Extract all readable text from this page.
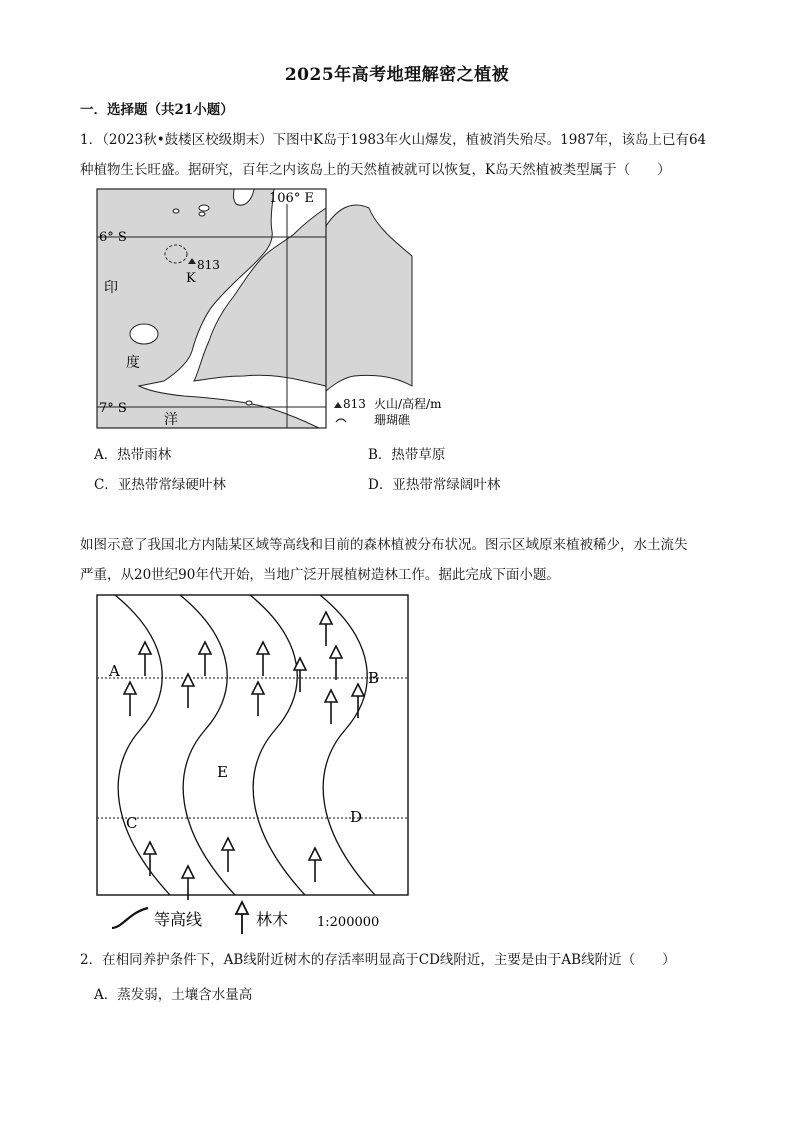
2025年高考地理解密之植被
一．选择题（共21小题）
1．（2023秋•鼓楼区校级期末）下图中K岛于1983年火山爆发，植被消失殆尽。1987年，该岛上已有64
种植物生长旺盛。据研究，百年之内该岛上的天然植被就可以恢复，K岛天然植被类型属于（　　）
106° E
6° S
7° S
813
K
印
度
洋
813 火山/高程/m
珊瑚礁
A．热带雨林	B．热带草原
C．亚热带常绿硬叶林	D．亚热带常绿阔叶林
如图示意了我国北方内陆某区域等高线和目前的森林植被分布状况。图示区域原来植被稀少，水土流失
严重，从20世纪90年代开始，当地广泛开展植树造林工作。据此完成下面小题。
A	B
C	D
E
等高线	林木 1:200000
2．在相同养护条件下，AB线附近树木的存活率明显高于CD线附近，主要是由于AB线附近（　　）
A．蒸发弱，土壤含水量高
